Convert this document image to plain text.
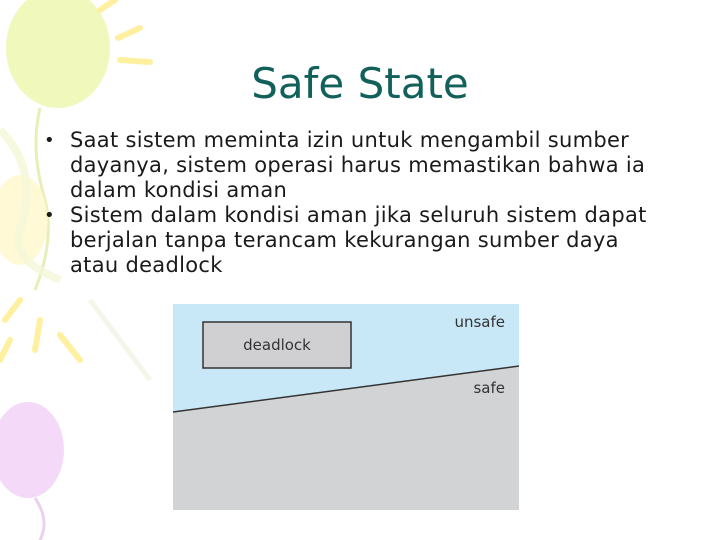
Safe State
• Saat sistem meminta izin untuk mengambil sumber dayanya, sistem operasi harus memastikan bahwa ia dalam kondisi aman
• Sistem dalam kondisi aman jika seluruh sistem dapat berjalan tanpa terancam kekurangan sumber daya atau deadlock
deadlock
unsafe
safe
